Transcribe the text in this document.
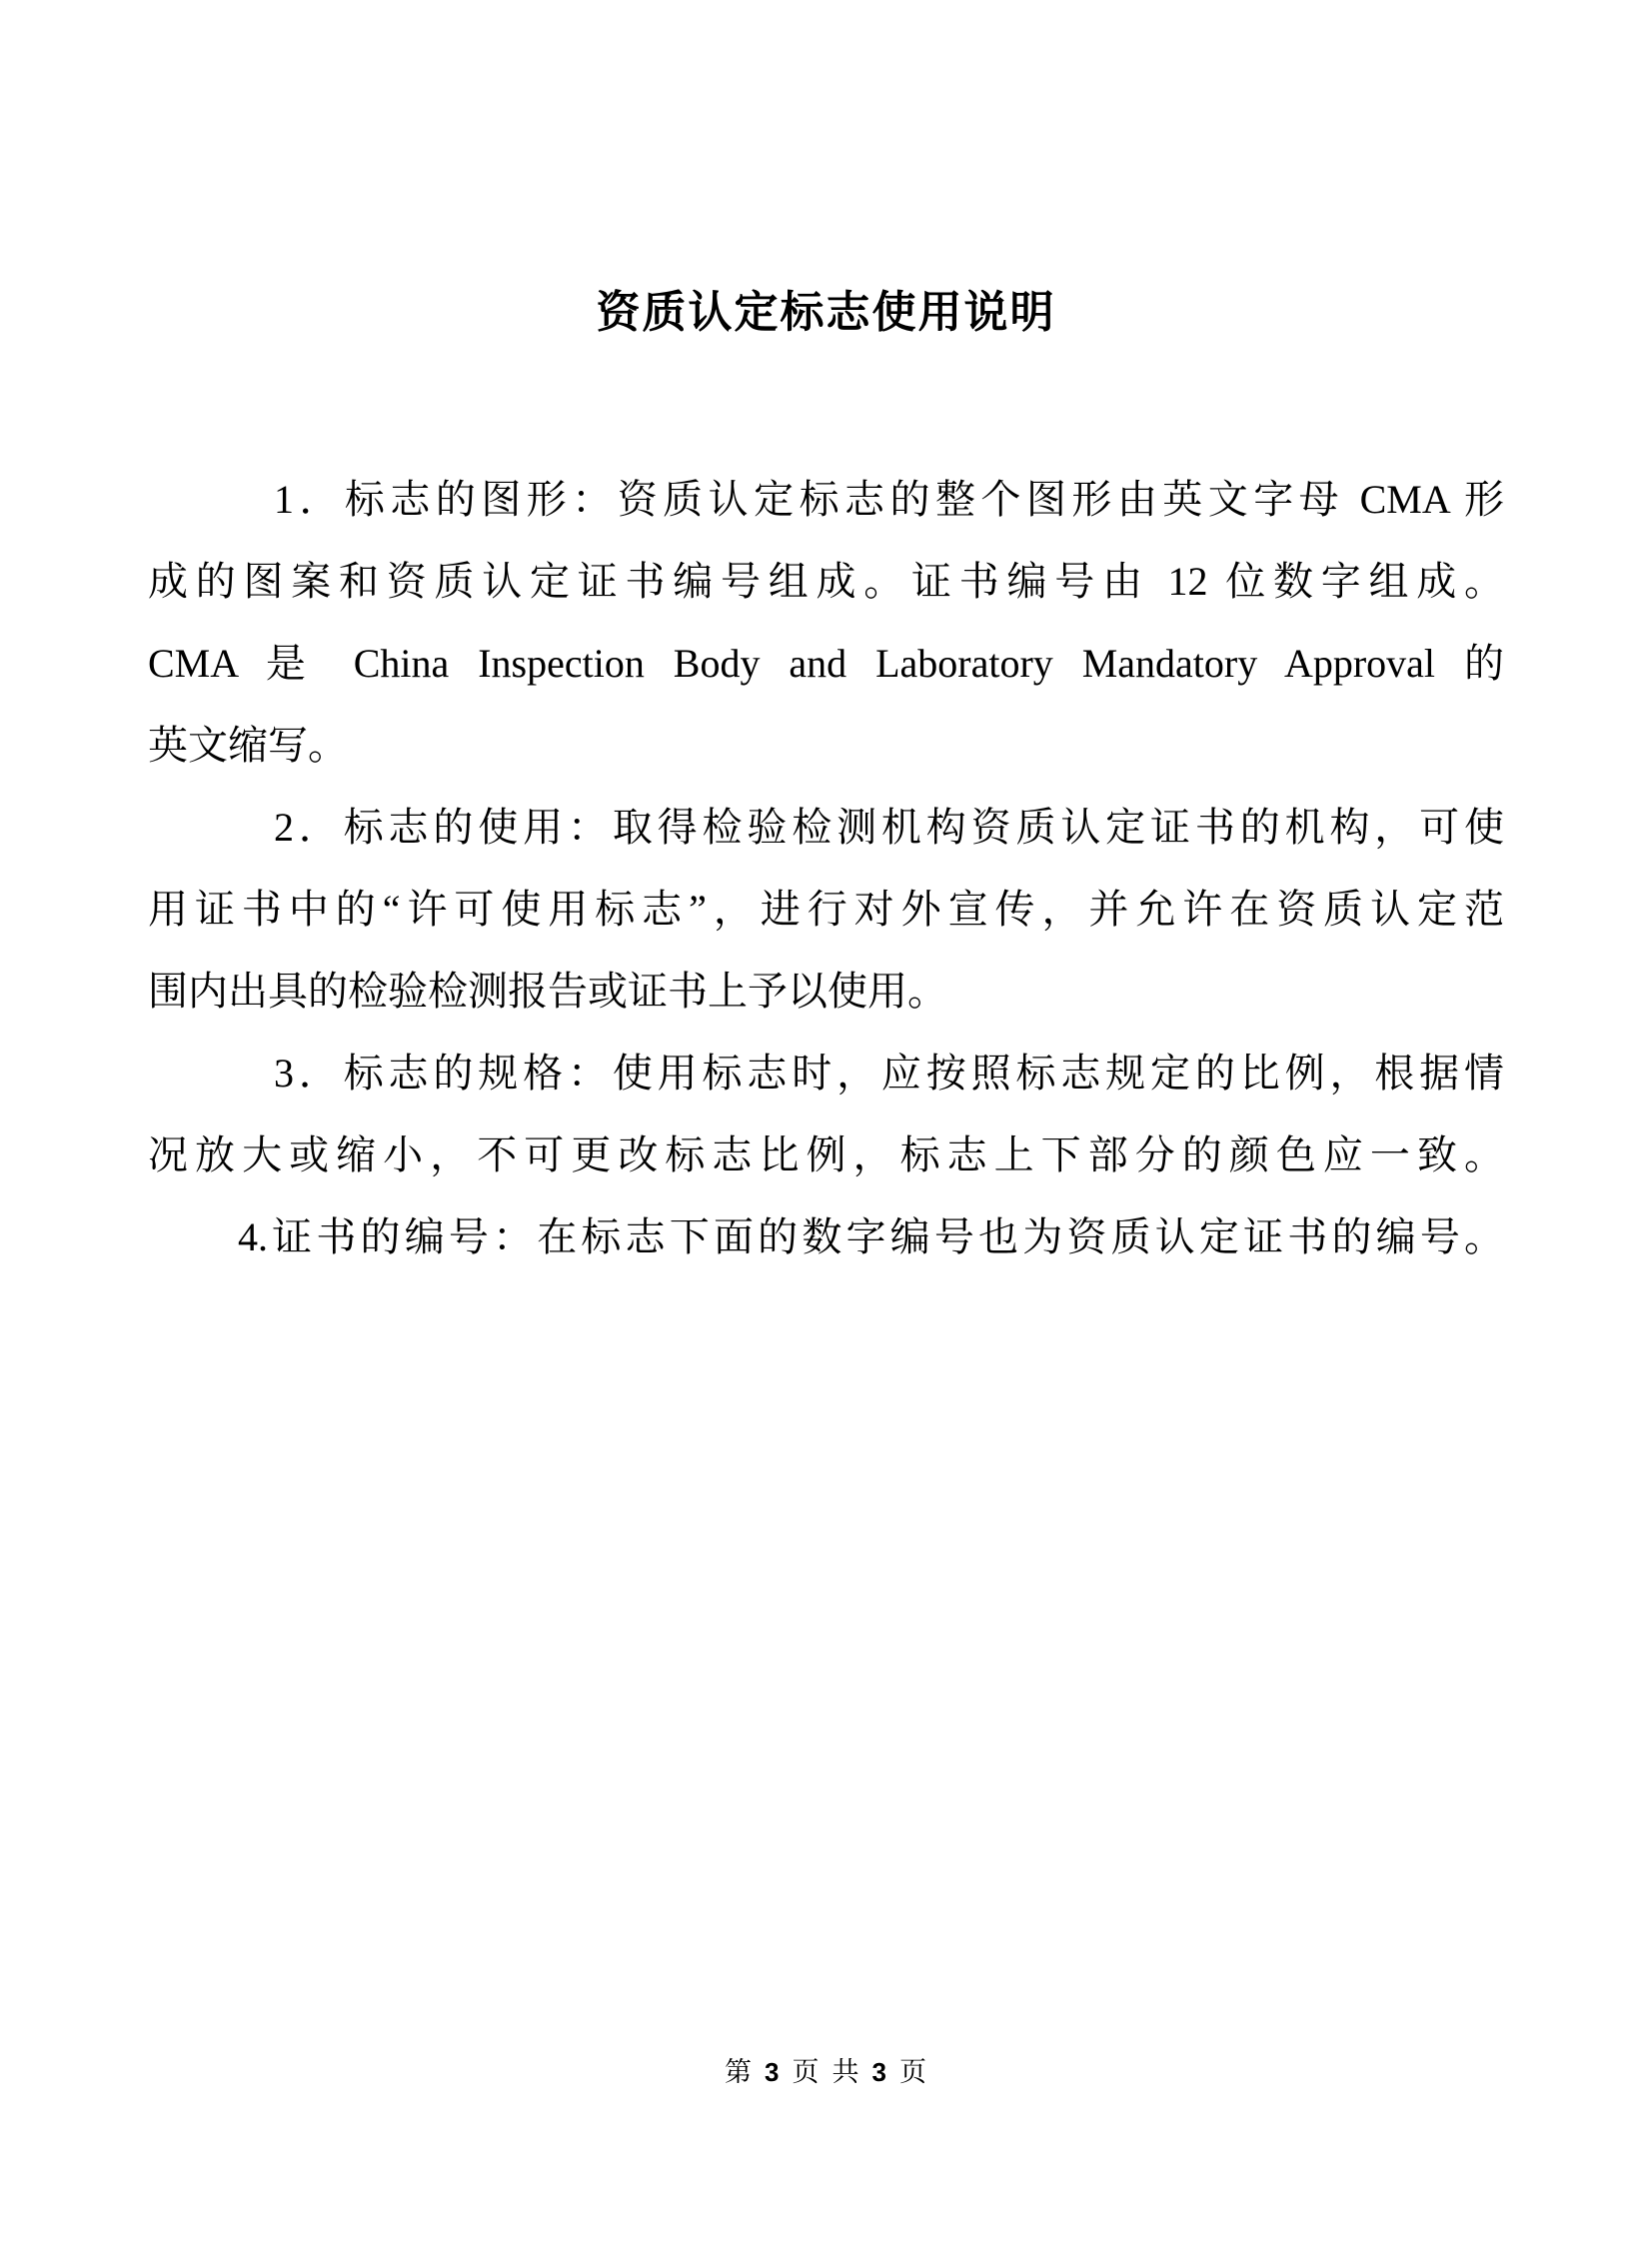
资质认定标志使用说明
1．标志的图形：资质认定标志的整个图形由英文字母 CMA 形
成的图案和资质认定证书编号组成。证书编号由 12 位数字组成。
CMA 是 China Inspection Body and Laboratory Mandatory Approval 的
英文缩写。
2．标志的使用：取得检验检测机构资质认定证书的机构，可使
用证书中的“许可使用标志”，进行对外宣传，并允许在资质认定范
围内出具的检验检测报告或证书上予以使用。
3．标志的规格：使用标志时，应按照标志规定的比例，根据情
况放大或缩小，不可更改标志比例，标志上下部分的颜色应一致。
4.证书的编号：在标志下面的数字编号也为资质认定证书的编号。
第 3 页 共 3 页
